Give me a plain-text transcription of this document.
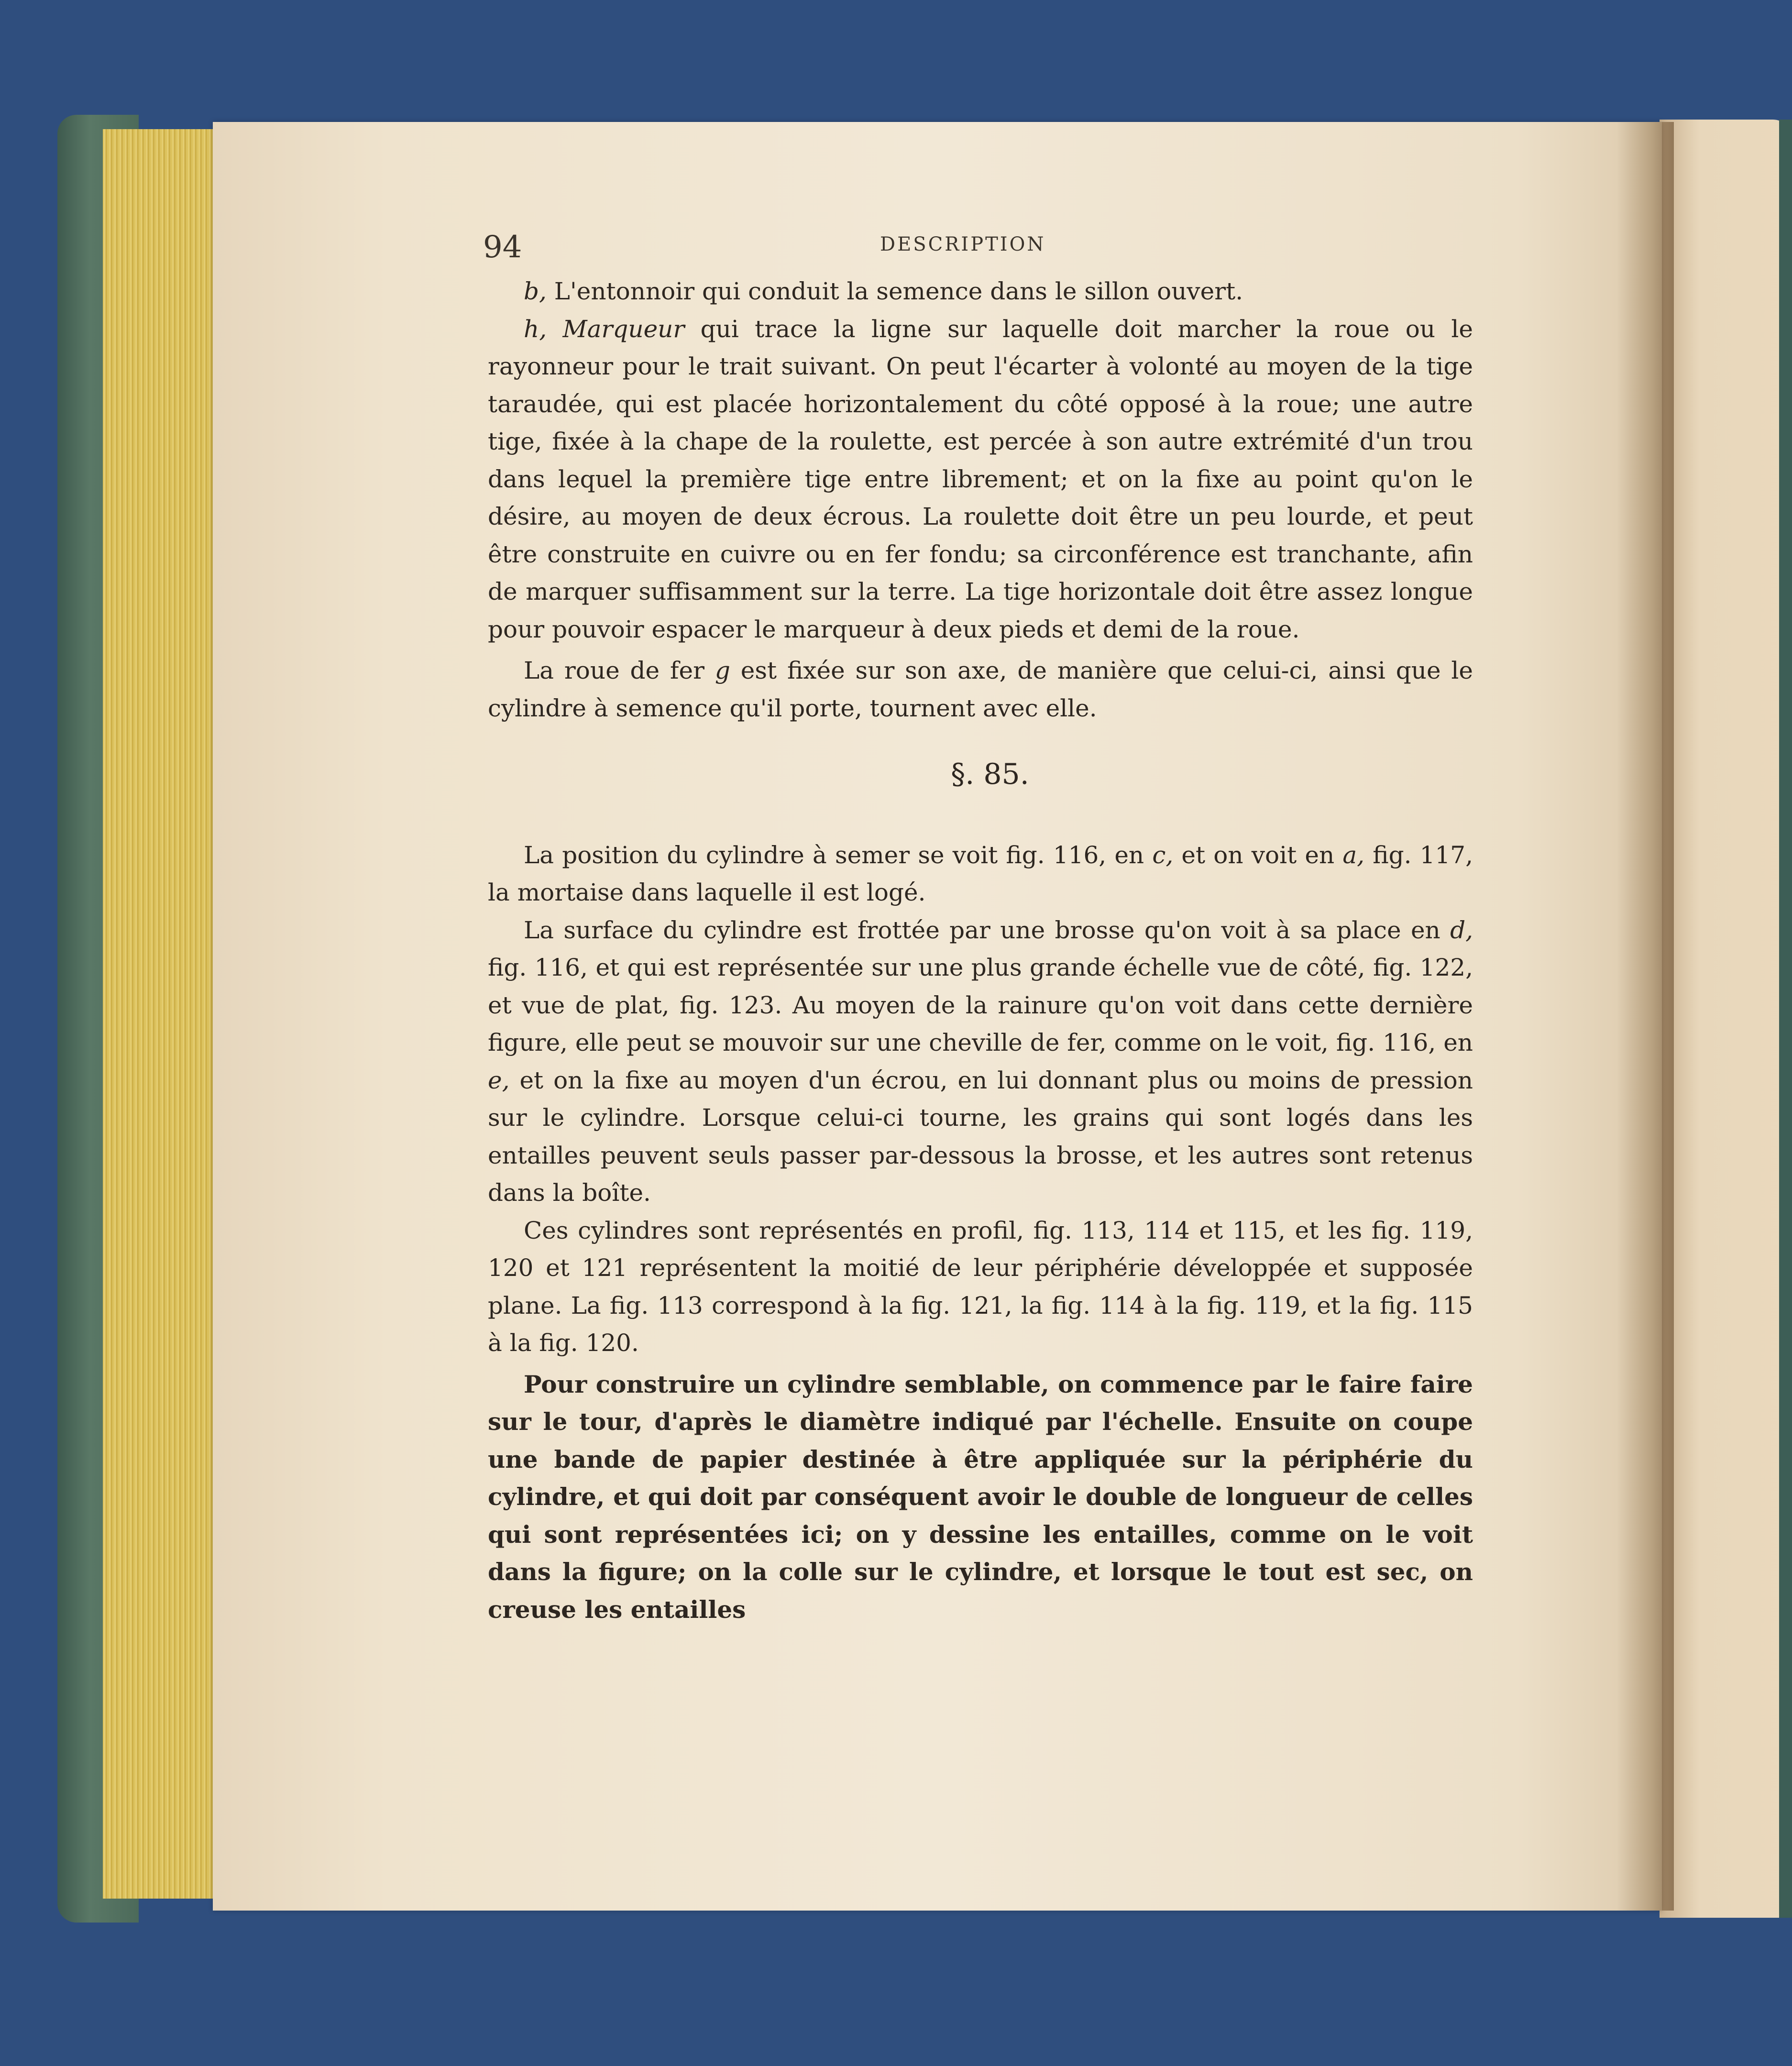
94	DESCRIPTION

b, L'entonnoir qui conduit la semence dans le sillon ouvert.

h, Marqueur qui trace la ligne sur laquelle doit marcher la roue ou le rayonneur pour le trait suivant. On peut l'écarter à volonté au moyen de la tige taraudée, qui est placée horizontalement du côté opposé à la roue; une autre tige, fixée à la chape de la roulette, est percée à son autre extrémité d'un trou dans lequel la première tige entre librement; et on la fixe au point qu'on le désire, au moyen de deux écrous. La roulette doit être un peu lourde, et peut être construite en cuivre ou en fer fondu; sa circonférence est tranchante, afin de marquer suffisamment sur la terre. La tige horizontale doit être assez longue pour pouvoir espacer le marqueur à deux pieds et demi de la roue.

La roue de fer g est fixée sur son axe, de manière que celui-ci, ainsi que le cylindre à semence qu'il porte, tournent avec elle.

§. 85.

La position du cylindre à semer se voit fig. 116, en c, et on voit en a, fig. 117, la mortaise dans laquelle il est logé.

La surface du cylindre est frottée par une brosse qu'on voit à sa place en d, fig. 116, et qui est représentée sur une plus grande échelle vue de côté, fig. 122, et vue de plat, fig. 123. Au moyen de la rainure qu'on voit dans cette dernière figure, elle peut se mouvoir sur une cheville de fer, comme on le voit, fig. 116, en e, et on la fixe au moyen d'un écrou, en lui donnant plus ou moins de pression sur le cylindre. Lorsque celui-ci tourne, les grains qui sont logés dans les entailles peuvent seuls passer par-dessous la brosse, et les autres sont retenus dans la boîte.

Ces cylindres sont représentés en profil, fig. 113, 114 et 115, et les fig. 119, 120 et 121 représentent la moitié de leur périphérie développée et supposée plane. La fig. 113 correspond à la fig. 121, la fig. 114 à la fig. 119, et la fig. 115 à la fig. 120.

Pour construire un cylindre semblable, on commence par le faire faire sur le tour, d'après le diamètre indiqué par l'échelle. Ensuite on coupe une bande de papier destinée à être appliquée sur la périphérie du cylindre, et qui doit par conséquent avoir le double de longueur de celles qui sont représentées ici; on y dessine les entailles, comme on le voit dans la figure; on la colle sur le cylindre, et lorsque le tout est sec, on creuse les entailles
